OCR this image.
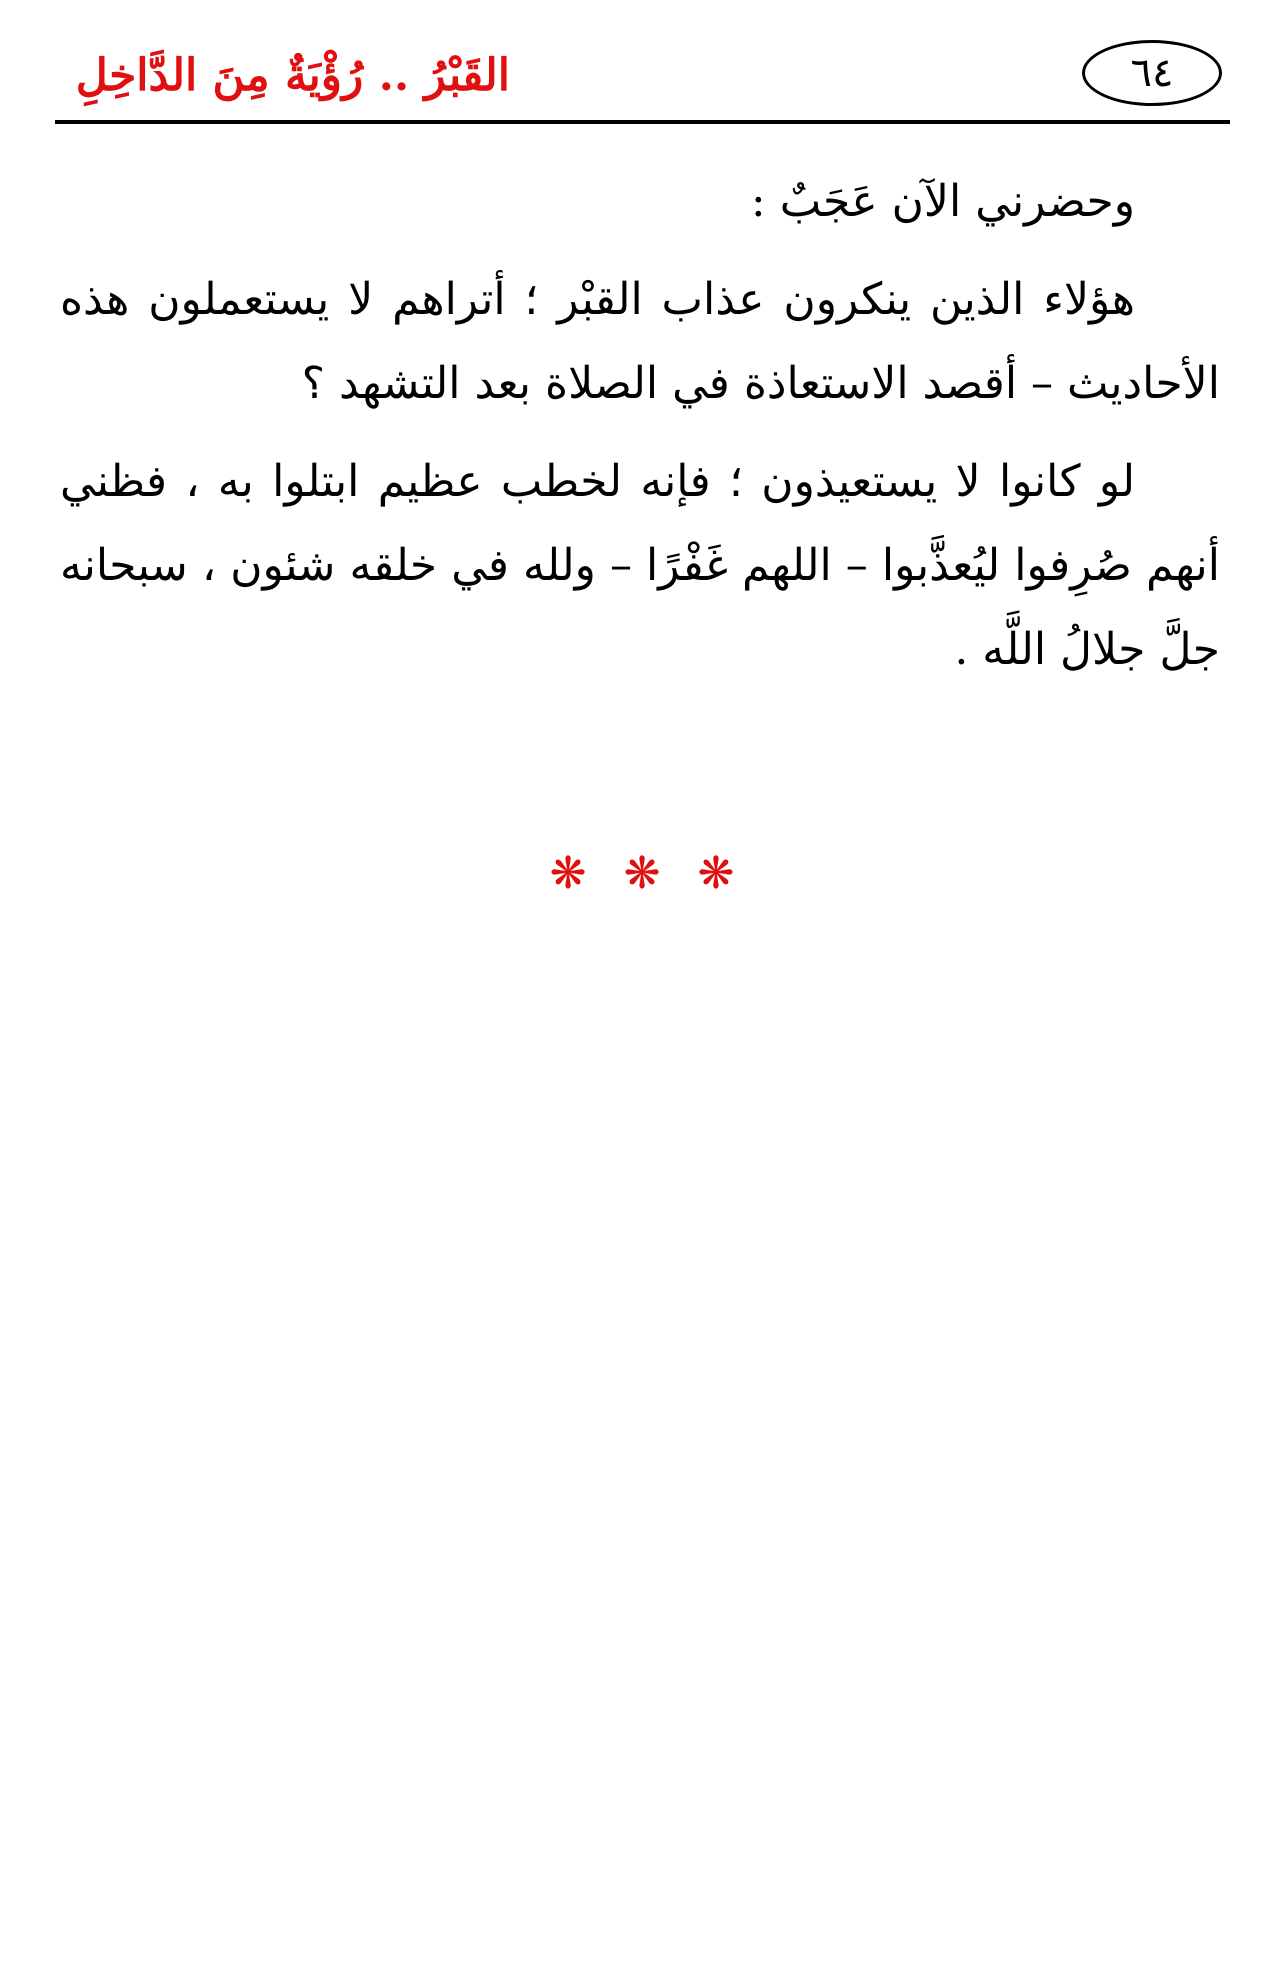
القَبْرُ .. رُؤْيَةٌ مِنَ الدَّاخِلِ	٦٤

وحضرني الآن عَجَبٌ :

هؤلاء الذين ينكرون عذاب القبْر ؛ أتراهم لا يستعملون هذه الأحاديث – أقصد الاستعاذة في الصلاة بعد التشهد ؟

لو كانوا لا يستعيذون ؛ فإنه لخطب عظيم ابتلوا به ، فظني أنهم صُرِفوا ليُعذَّبوا – اللهم غَفْرًا – ولله في خلقه شئون ، سبحانه جلَّ جلالُ اللَّه .

❋ ❋ ❋
